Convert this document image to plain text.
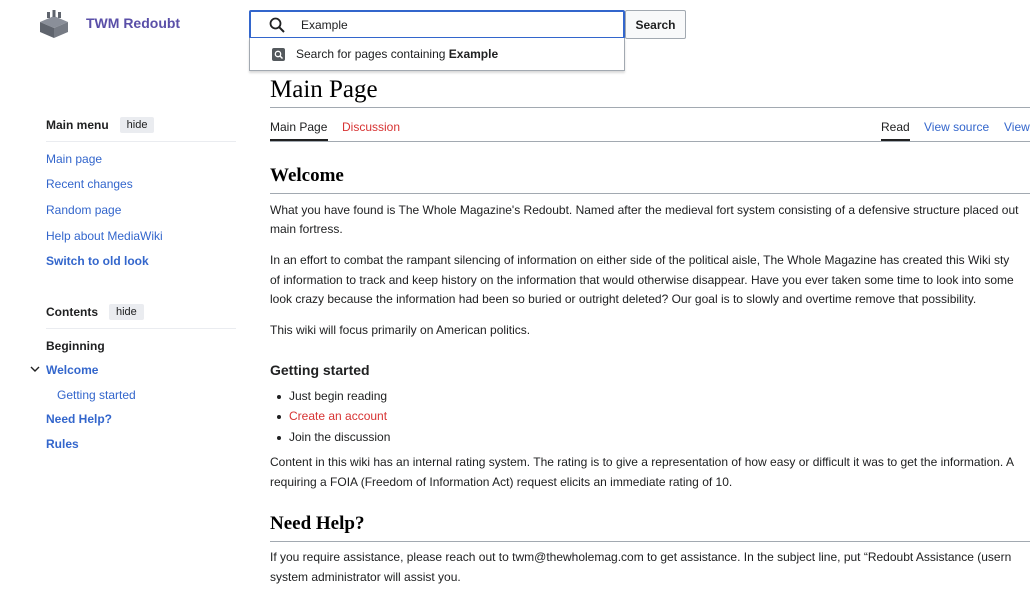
TWM Redoubt
Example	Search
Search for pages containing Example
Main menu	hide
Main page
Recent changes
Random page
Help about MediaWiki
Switch to old look
Contents	hide
Beginning
Welcome
Getting started
Need Help?
Rules
Main Page
Main Page Discussion	Read View source View
Welcome
What you have found is The Whole Magazine's Redoubt. Named after the medieval fort system consisting of a defensive structure placed out
main fortress.
In an effort to combat the rampant silencing of information on either side of the political aisle, The Whole Magazine has created this Wiki sty
of information to track and keep history on the information that would otherwise disappear. Have you ever taken some time to look into some
look crazy because the information had been so buried or outright deleted? Our goal is to slowly and overtime remove that possibility.
This wiki will focus primarily on American politics.
Getting started
Just begin reading
Create an account
Join the discussion
Content in this wiki has an internal rating system. The rating is to give a representation of how easy or difficult it was to get the information. A
requiring a FOIA (Freedom of Information Act) request elicits an immediate rating of 10.
Need Help?
If you require assistance, please reach out to twm@thewholemag.com to get assistance. In the subject line, put “Redoubt Assistance (usern
system administrator will assist you.
